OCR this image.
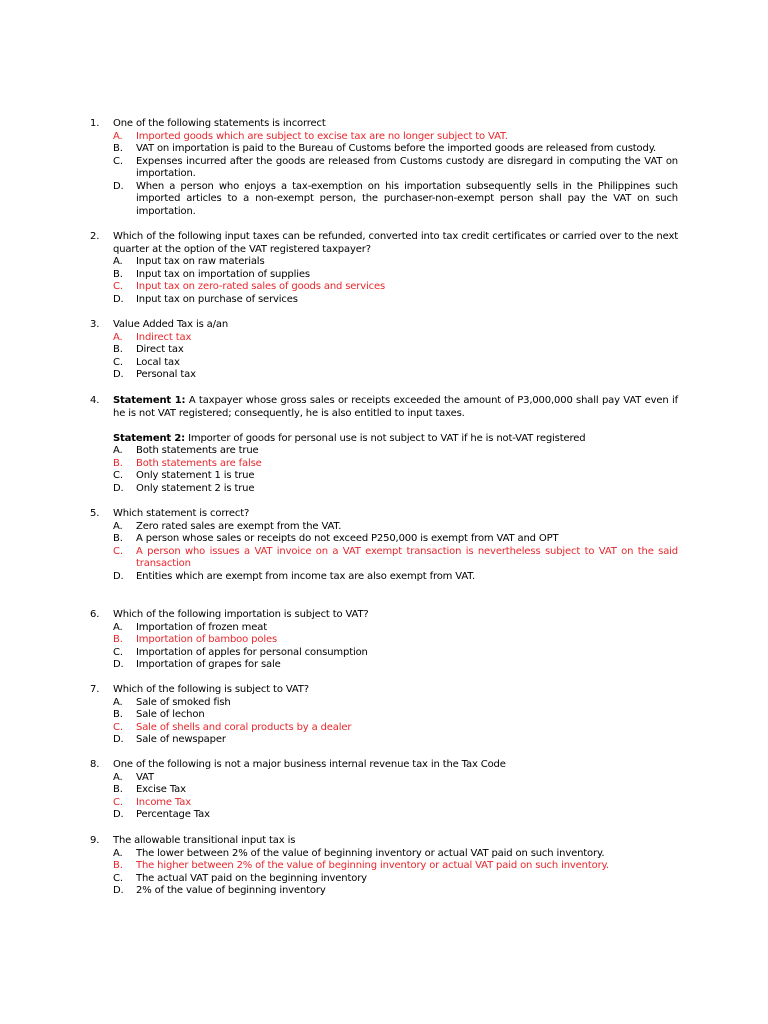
1. One of the following statements is incorrect
A. Imported goods which are subject to excise tax are no longer subject to VAT.
B. VAT on importation is paid to the Bureau of Customs before the imported goods are released from custody.
C. Expenses incurred after the goods are released from Customs custody are disregard in computing the VAT on importation.
D. When a person who enjoys a tax-exemption on his importation subsequently sells in the Philippines such imported articles to a non-exempt person, the purchaser-non-exempt person shall pay the VAT on such importation.
2. Which of the following input taxes can be refunded, converted into tax credit certificates or carried over to the next quarter at the option of the VAT registered taxpayer?
A. Input tax on raw materials
B. Input tax on importation of supplies
C. Input tax on zero-rated sales of goods and services
D. Input tax on purchase of services
3. Value Added Tax is a/an
A. Indirect tax
B. Direct tax
C. Local tax
D. Personal tax
4. Statement 1: A taxpayer whose gross sales or receipts exceeded the amount of P3,000,000 shall pay VAT even if he is not VAT registered; consequently, he is also entitled to input taxes.
Statement 2: Importer of goods for personal use is not subject to VAT if he is not-VAT registered
A. Both statements are true
B. Both statements are false
C. Only statement 1 is true
D. Only statement 2 is true
5. Which statement is correct?
A. Zero rated sales are exempt from the VAT.
B. A person whose sales or receipts do not exceed P250,000 is exempt from VAT and OPT
C. A person who issues a VAT invoice on a VAT exempt transaction is nevertheless subject to VAT on the said transaction
D. Entities which are exempt from income tax are also exempt from VAT.
6. Which of the following importation is subject to VAT?
A. Importation of frozen meat
B. Importation of bamboo poles
C. Importation of apples for personal consumption
D. Importation of grapes for sale
7. Which of the following is subject to VAT?
A. Sale of smoked fish
B. Sale of lechon
C. Sale of shells and coral products by a dealer
D. Sale of newspaper
8. One of the following is not a major business internal revenue tax in the Tax Code
A. VAT
B. Excise Tax
C. Income Tax
D. Percentage Tax
9. The allowable transitional input tax is
A. The lower between 2% of the value of beginning inventory or actual VAT paid on such inventory.
B. The higher between 2% of the value of beginning inventory or actual VAT paid on such inventory.
C. The actual VAT paid on the beginning inventory
D. 2% of the value of beginning inventory
